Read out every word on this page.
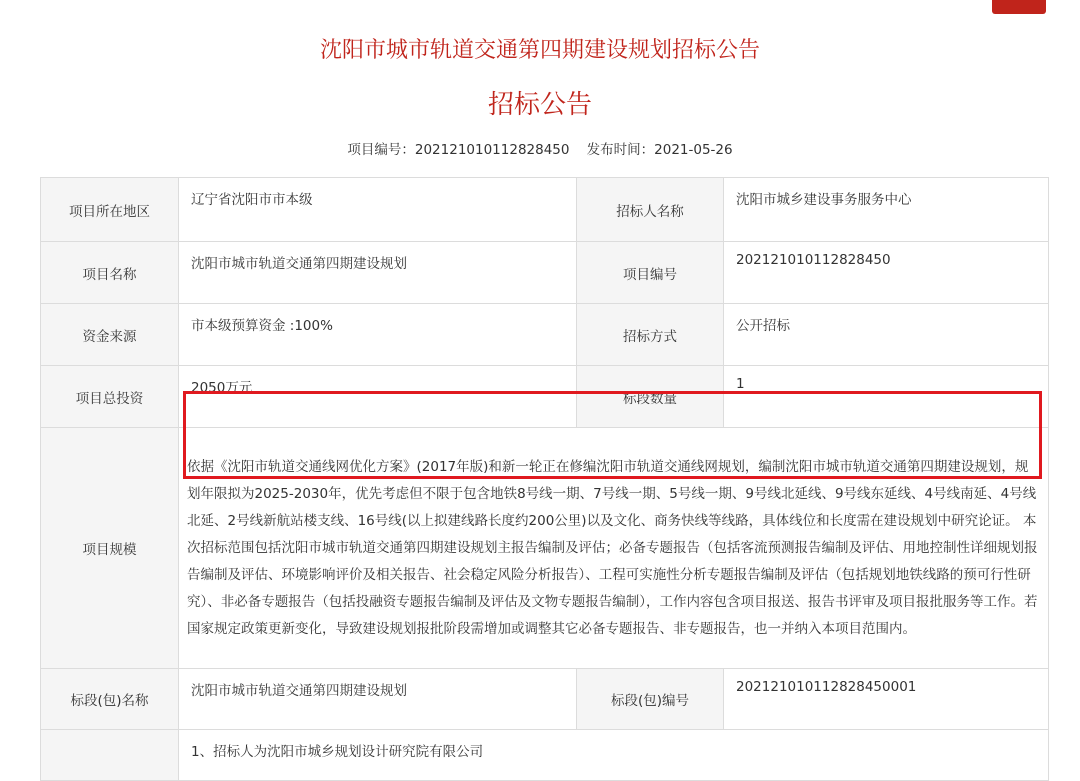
沈阳市城市轨道交通第四期建设规划招标公告
招标公告
项目编号：202121010112828450 发布时间：2021-05-26
项目所在地区	辽宁省沈阳市市本级	招标人名称	沈阳市城乡建设事务服务中心
项目名称	沈阳市城市轨道交通第四期建设规划	项目编号	202121010112828450
资金来源	市本级预算资金 :100%	招标方式	公开招标
项目总投资	2050万元	标段数量	1
项目规模	依据《沈阳市轨道交通线网优化方案》(2017年版)和新一轮正在修编沈阳市轨道交通线网规划，编制沈阳市城市轨道交通第四期建设规划，规划年限拟为2025-2030年，优先考虑但不限于包含地铁8号线一期、7号线一期、5号线一期、9号线北延线、9号线东延线、4号线南延、4号线北延、2号线新航站楼支线、16号线(以上拟建线路长度约200公里)以及文化、商务快线等线路，具体线位和长度需在建设规划中研究论证。 本次招标范围包括沈阳市城市轨道交通第四期建设规划主报告编制及评估；必备专题报告（包括客流预测报告编制及评估、用地控制性详细规划报告编制及评估、环境影响评价及相关报告、社会稳定风险分析报告）、工程可实施性分析专题报告编制及评估（包括规划地铁线路的预可行性研究）、非必备专题报告（包括投融资专题报告编制及评估及文物专题报告编制），工作内容包含项目报送、报告书评审及项目报批服务等工作。若国家规定政策更新变化，导致建设规划报批阶段需增加或调整其它必备专题报告、非专题报告，也一并纳入本项目范围内。		
标段(包)名称	沈阳市城市轨道交通第四期建设规划	标段(包)编号	202121010112828450001
	1、招标人为沈阳市城乡规划设计研究院有限公司		
